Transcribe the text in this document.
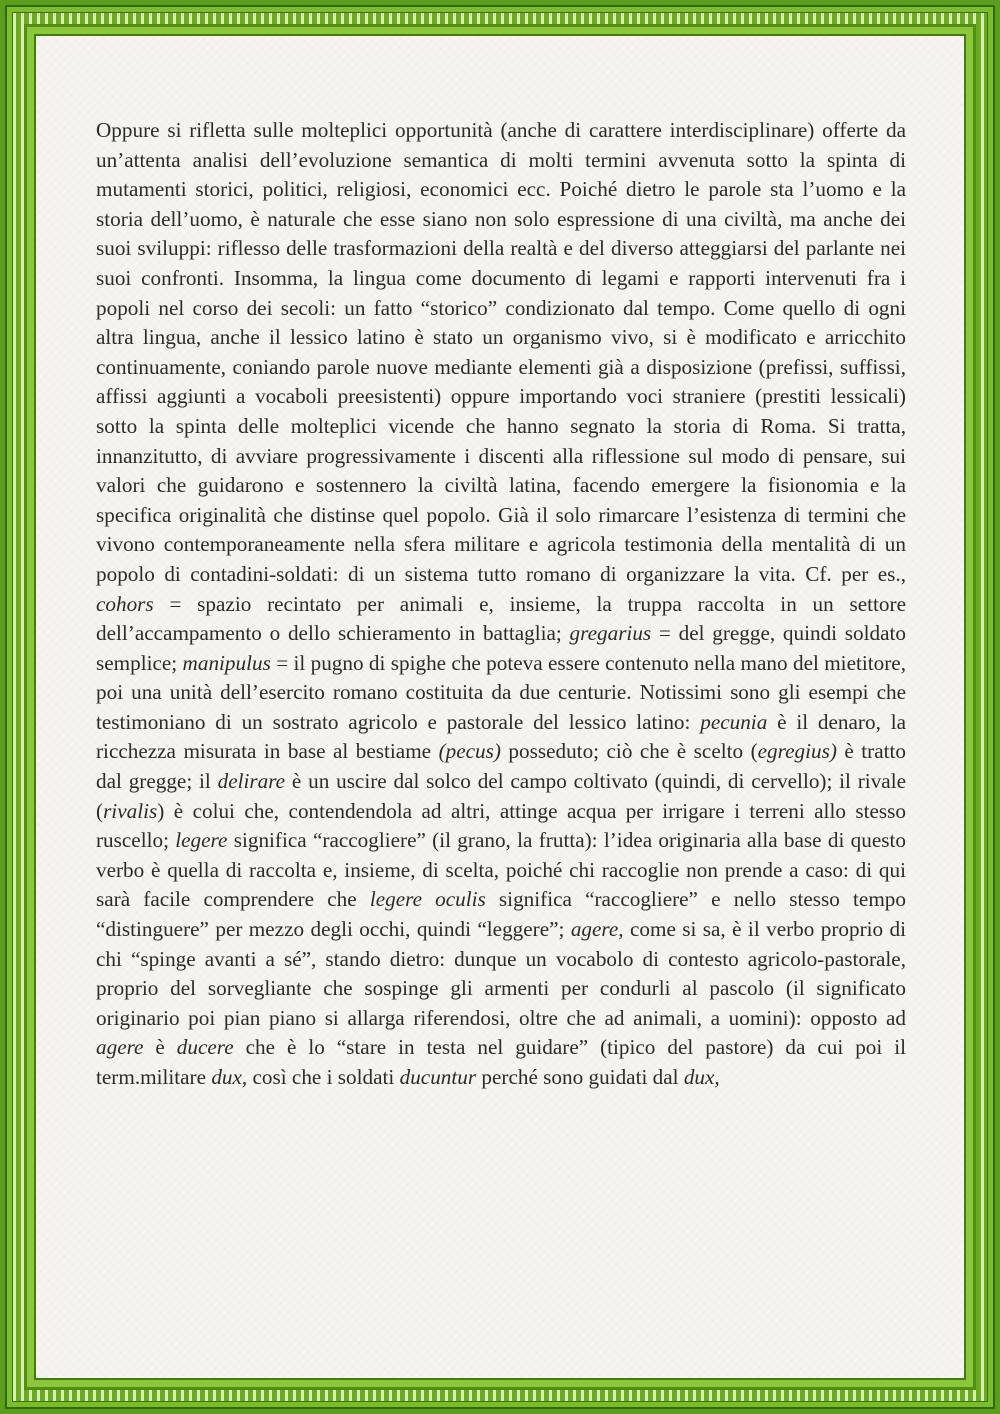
Oppure si rifletta sulle molteplici opportunità (anche di carattere interdisciplinare) offerte da un’attenta analisi dell’evoluzione semantica di molti termini avvenuta sotto la spinta di mutamenti storici, politici, religiosi, economici ecc. Poiché dietro le parole sta l’uomo e la storia dell’uomo, è naturale che esse siano non solo espressione di una civiltà, ma anche dei suoi sviluppi: riflesso delle trasformazioni della realtà e del diverso atteggiarsi del parlante nei suoi confronti. Insomma, la lingua come documento di legami e rapporti intervenuti fra i popoli nel corso dei secoli: un fatto “storico” condizionato dal tempo. Come quello di ogni altra lingua, anche il lessico latino è stato un organismo vivo, si è modificato e arricchito continuamente, coniando parole nuove mediante elementi già a disposizione (prefissi, suffissi, affissi aggiunti a vocaboli preesistenti) oppure importando voci straniere (prestiti lessicali) sotto la spinta delle molteplici vicende che hanno segnato la storia di Roma. Si tratta, innanzitutto, di avviare progressivamente i discenti alla riflessione sul modo di pensare, sui valori che guidarono e sostennero la civiltà latina, facendo emergere la fisionomia e la specifica originalità che distinse quel popolo. Già il solo rimarcare l’esistenza di termini che vivono contemporaneamente nella sfera militare e agricola testimonia della mentalità di un popolo di contadini-soldati: di un sistema tutto romano di organizzare la vita. Cf. per es., cohors = spazio recintato per animali e, insieme, la truppa raccolta in un settore dell’accampamento o dello schieramento in battaglia; gregarius = del gregge, quindi soldato semplice; manipulus = il pugno di spighe che poteva essere contenuto nella mano del mietitore, poi una unità dell’esercito romano costituita da due centurie. Notissimi sono gli esempi che testimoniano di un sostrato agricolo e pastorale del lessico latino: pecunia è il denaro, la ricchezza misurata in base al bestiame (pecus) posseduto; ciò che è scelto (egregius) è tratto dal gregge; il delirare è un uscire dal solco del campo coltivato (quindi, di cervello); il rivale (rivalis) è colui che, contendendola ad altri, attinge acqua per irrigare i terreni allo stesso ruscello; legere significa “raccogliere” (il grano, la frutta): l’idea originaria alla base di questo verbo è quella di raccolta e, insieme, di scelta, poiché chi raccoglie non prende a caso: di qui sarà facile comprendere che legere oculis significa “raccogliere” e nello stesso tempo “distinguere” per mezzo degli occhi, quindi “leggere”; agere, come si sa, è il verbo proprio di chi “spinge avanti a sé”, stando dietro: dunque un vocabolo di contesto agricolo-pastorale, proprio del sorvegliante che sospinge gli armenti per condurli al pascolo (il significato originario poi pian piano si allarga riferendosi, oltre che ad animali, a uomini): opposto ad agere è ducere che è lo “stare in testa nel guidare” (tipico del pastore) da cui poi il term.militare dux, così che i soldati ducuntur perché sono guidati dal dux,
